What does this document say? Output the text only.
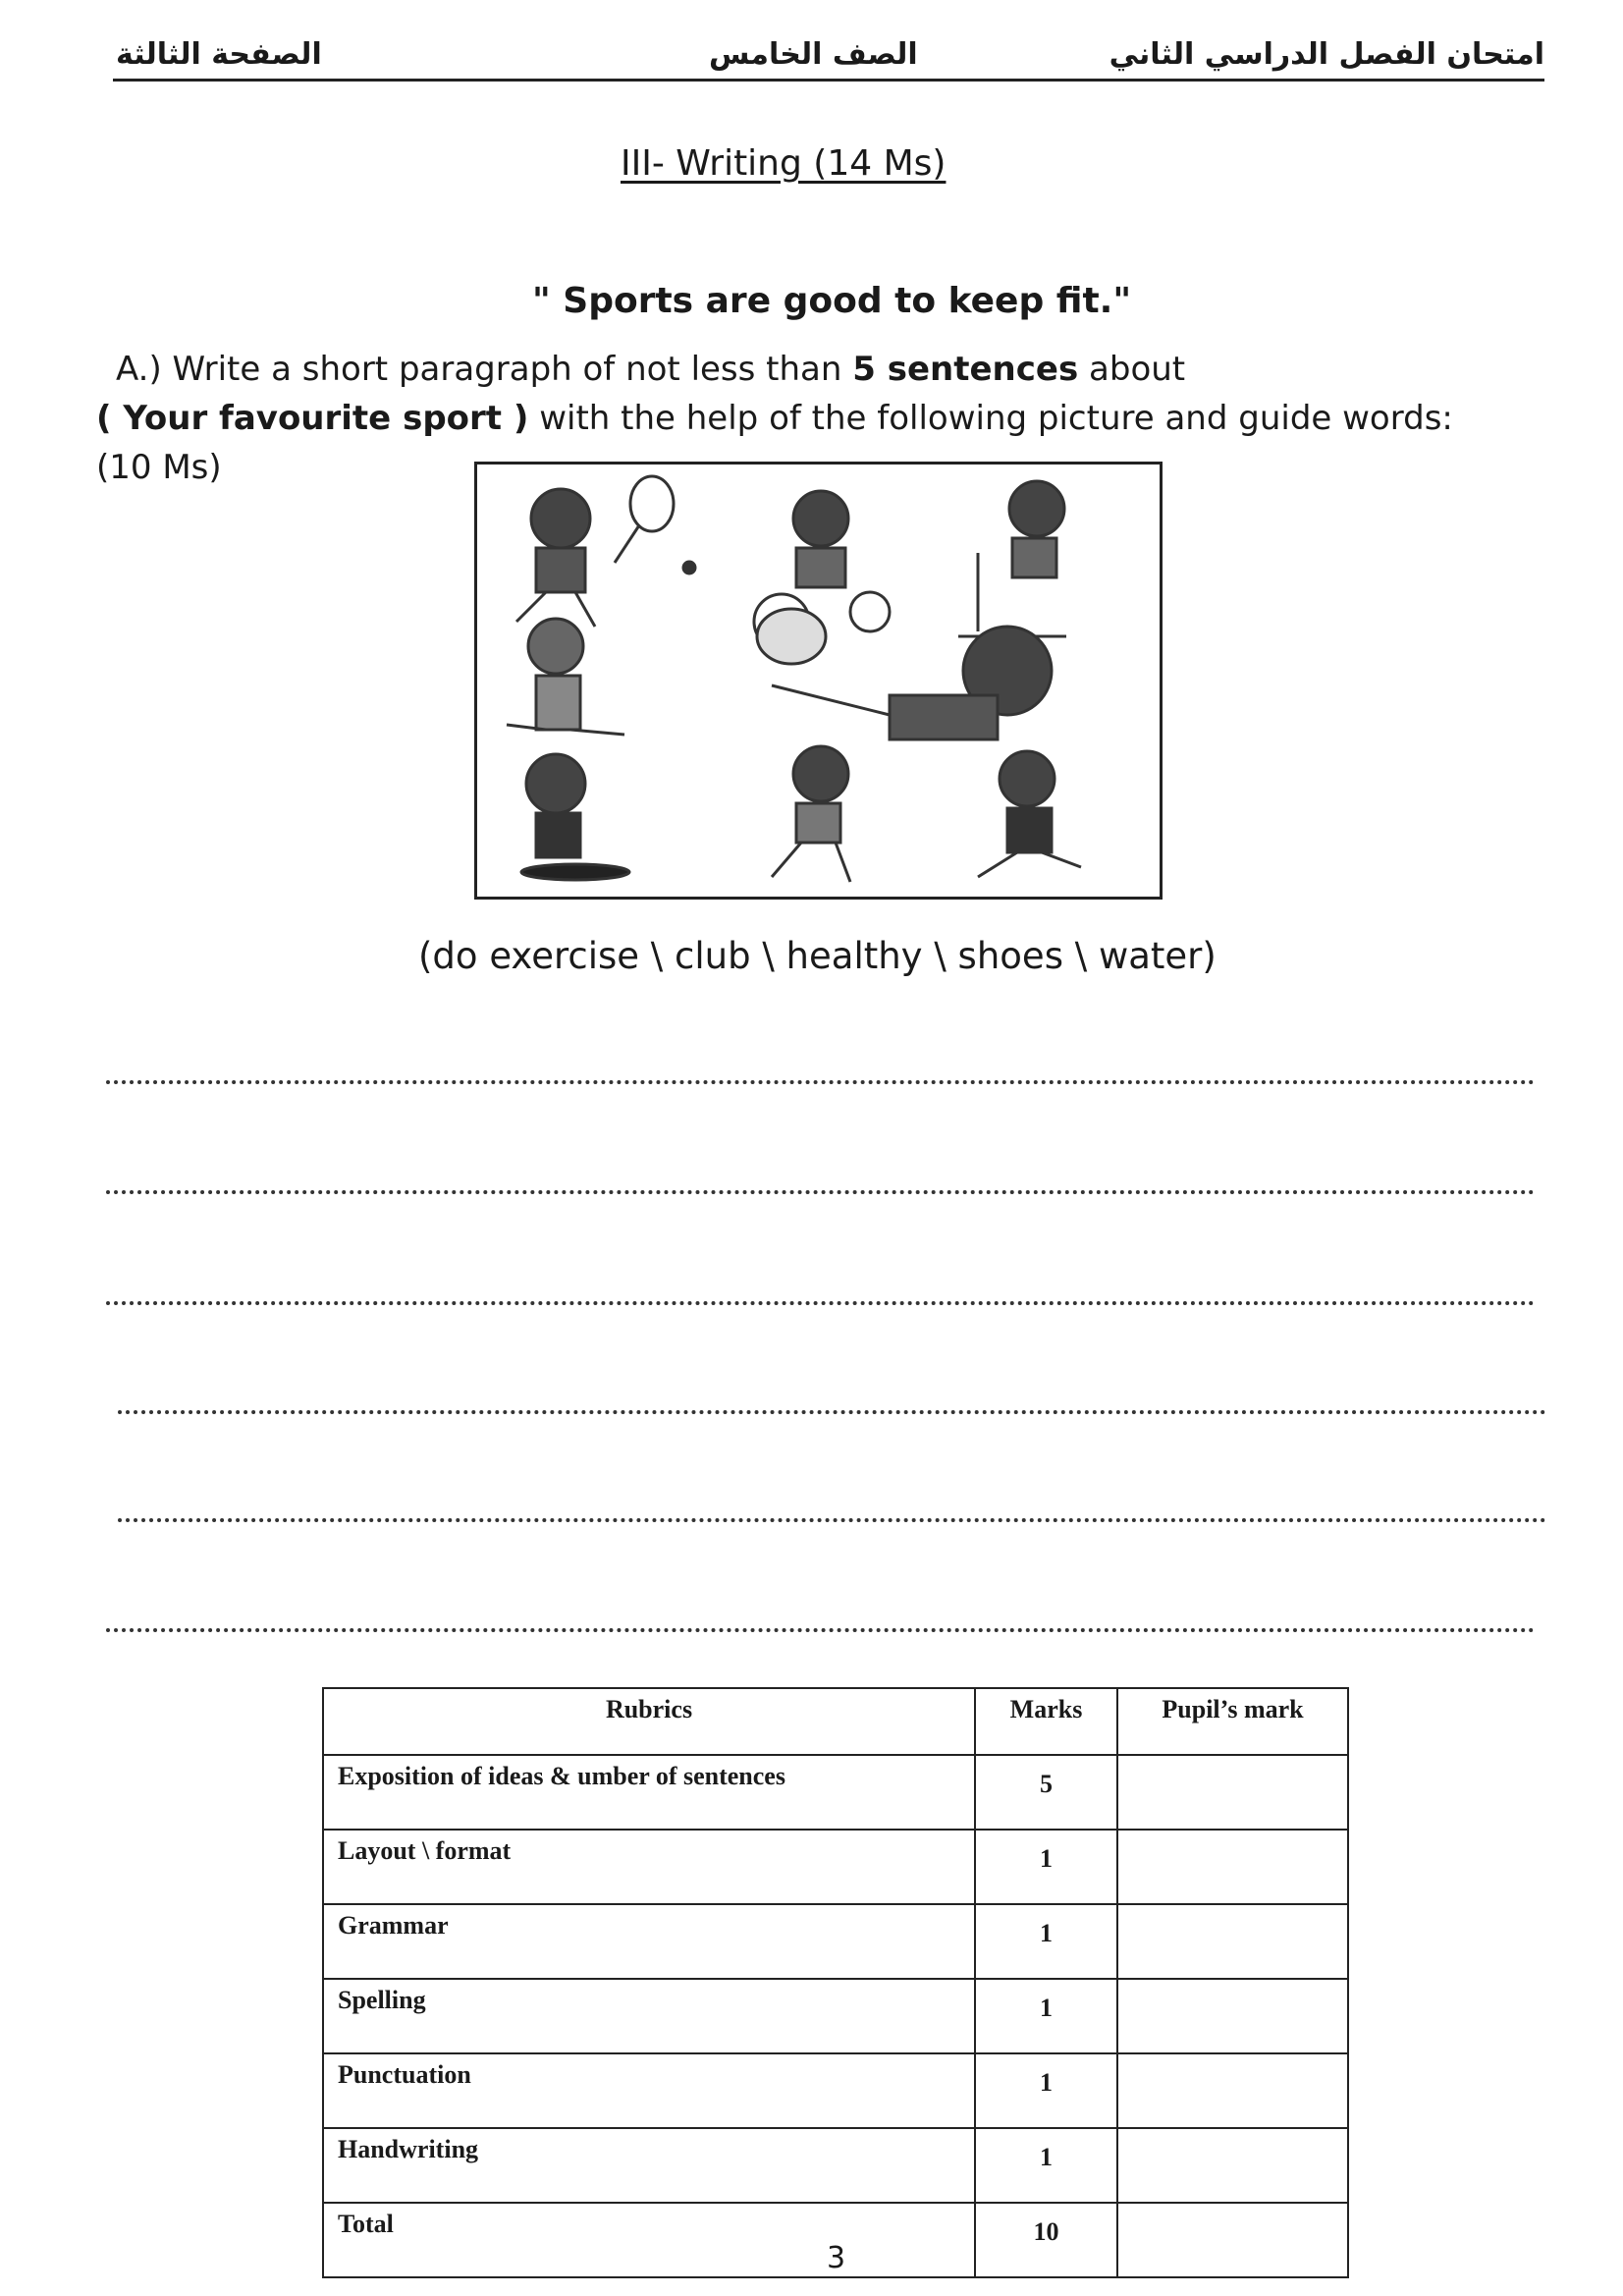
الصفحة الثالثة	الصف الخامس	امتحان الفصل الدراسي الثاني
III- Writing (14 Ms)
" Sports are good to keep fit."
A.) Write a short paragraph of not less than 5 sentences about
( Your favourite sport ) with the help of the following picture and guide words:
(10 Ms)
(do exercise \ club \ healthy \ shoes \ water)
Rubrics	Marks	Pupil’s mark
Exposition of ideas & umber of sentences	5	
Layout \ format	1	
Grammar	1	
Spelling	1	
Punctuation	1	
Handwriting	1	
Total	10	
3
